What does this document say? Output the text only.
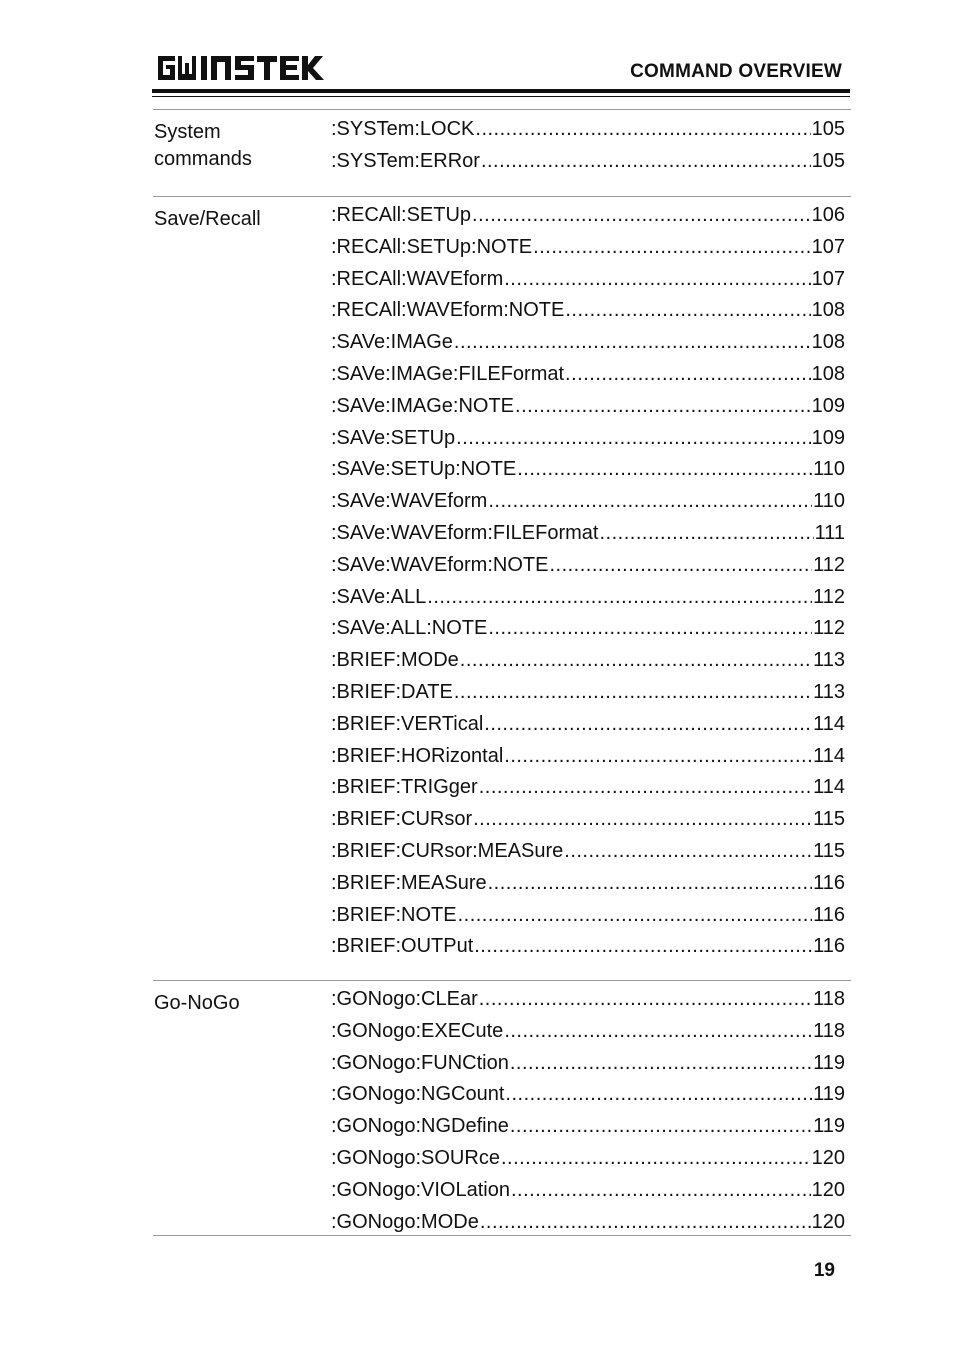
COMMAND OVERVIEW
System commands
:SYSTem:LOCK .....	105
:SYSTem:ERRor .....	105
Save/Recall	:RECAll:SETUp .....	106
:RECAll:SETUp:NOTE .....	107
:RECAll:WAVEform .....	107
:RECAll:WAVEform:NOTE .....	108
:SAVe:IMAGe .....	108
:SAVe:IMAGe:FILEFormat .....	108
:SAVe:IMAGe:NOTE .....	109
:SAVe:SETUp .....	109
:SAVe:SETUp:NOTE .....	110
:SAVe:WAVEform .....	110
:SAVe:WAVEform:FILEFormat .....	111
:SAVe:WAVEform:NOTE .....	112
:SAVe:ALL .....	112
:SAVe:ALL:NOTE .....	112
:BRIEF:MODe .....	113
:BRIEF:DATE .....	113
:BRIEF:VERTical .....	114
:BRIEF:HORizontal .....	114
:BRIEF:TRIGger .....	114
:BRIEF:CURsor .....	115
:BRIEF:CURsor:MEASure .....	115
:BRIEF:MEASure .....	116
:BRIEF:NOTE .....	116
:BRIEF:OUTPut .....	116
Go-NoGo	:GONogo:CLEar .....	118
:GONogo:EXECute .....	118
:GONogo:FUNCtion .....	119
:GONogo:NGCount .....	119
:GONogo:NGDefine .....	119
:GONogo:SOURce .....	120
:GONogo:VIOLation .....	120
:GONogo:MODe .....	120
19
